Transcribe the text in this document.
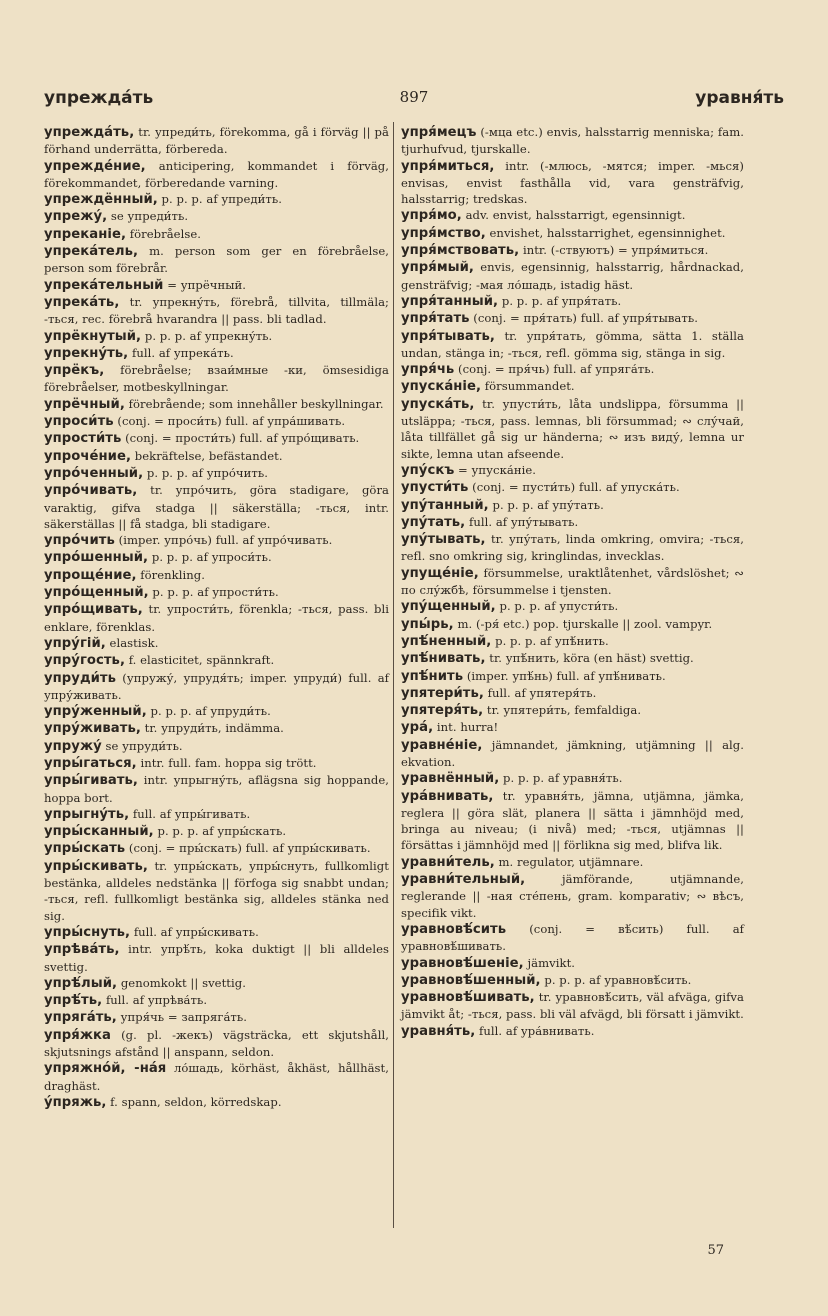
упреждáть	897	уравня́ть

упреждáть, tr. упреди́ть, förekomma, gå i förväg || på förhand underrätta, förbereda.

упрежде́ние, anticipering, kommandet i förväg, förekommandet, förberedande varning.

упреждённый, p. p. p. af упреди́ть.

упрежу́, se упреди́ть.

упреканіе, förebråelse.

упрека́тель, m. person som ger en förebråelse, person som förebrår.

упрека́тельный = упрёчный.

упрека́ть, tr. упрекну́ть, förebrå, tillvita, tillmäla; -ться, rec. förebrå hvarandra || pass. bli tadlad.

упрёкнутый, p. p. p. af упрекну́ть.

упрекну́ть, full. af упрека́ть.

упрёкъ, förebråelse; взаи́мные -ки, ömsesidiga förebråelser, motbeskyllningar.

упрёчный, förebrående; som innehåller beskyllningar.

упроси́ть (conj. = проси́ть) full. af упра́шивать.

упрости́ть (conj. = прости́ть) full. af упро́щивать.

упроче́ние, bekräftelse, befästandet.

упро́ченный, p. p. p. af упро́чить.

упро́чивать, tr. упро́чить, göra stadigare, göra varaktig, gifva stadga || säkerställa; -ться, intr. säkerställas || få stadga, bli stadigare.

упро́чить (imper. упро́чь) full. af упро́чивать.

упро́шенный, p. p. p. af упроси́ть.

упроще́ние, förenkling.

упро́щенный, p. p. p. af упрости́ть.

упро́щивать, tr. упрости́ть, förenkla; -ться, pass. bli enklare, förenklas.

упру́гій, elastisk.

упру́гость, f. elasticitet, spännkraft.

упруди́ть (упружу́, упрудя́ть; imper. упруди́) full. af упру́живать.

упру́женный, p. p. p. af упруди́ть.

упру́живать, tr. упруди́ть, indämma.

упружу́ se упруди́ть.

упры́гаться, intr. full. fam. hoppa sig trött.

упры́гивать, intr. упрыгну́ть, aflägsna sig hoppande, hoppa bort.

упрыгну́ть, full. af упры́гивать.

упры́сканный, p. p. p. af упры́скать.

упры́скать (conj. = пры́скать) full. af упры́скивать.

упры́скивать, tr. упры́скать, упры́снуть, fullkomligt bestänka, alldeles nedstänka || förfoga sig snabbt undan; -ться, refl. fullkomligt bestänka sig, alldeles stänka ned sig.

упры́снуть, full. af упры́скивать.

упрѣва́ть, intr. упрѣ́ть, koka duktigt || bli alldeles svettig.

упрѣ́лый, genomkokt || svettig.

упрѣ́ть, full. af упрѣва́ть.

упряга́ть, упря́чь = запряга́ть.

упря́жка (g. pl. -жекъ) vägsträcka, ett skjutshåll, skjutsnings afstånd || anspann, seldon.

упряжно́й, -на́я ло́шадь, körhäst, åkhäst, hållhäst, draghäst.

у́пряжь, f. spann, seldon, körredskap.

упря́мецъ (-мца etc.) envis, halsstarrig menniska; fam. tjurhufvud, tjurskalle.

упря́миться, intr. (-млюсь, -мятся; imper. -мься) envisas, envist fasthålla vid, vara gensträfvig, halsstarrig; tredskas.

упря́мо, adv. envist, halsstarrigt, egensinnigt.

упря́мство, envishet, halsstarrighet, egensinnighet.

упря́мствовать, intr. (-ствуютъ) = упря́миться.

упря́мый, envis, egensinnig, halsstarrig, hårdnackad, gensträfvig; -мая ло́шадь, istadig häst.

упря́танный, p. p. p. af упря́тать.

упря́тать (conj. = пря́тать) full. af упря́тывать.

упря́тывать, tr. упря́тать, gömma, sätta 1. ställa undan, stänga in; -ться, refl. gömma sig, stänga in sig.

упря́чь (conj. = пря́чь) full. af упряга́ть.

упуска́ніе, försummandet.

упуска́ть, tr. упусти́ть, låta undslippa, försumma || utsläppa; -ться, pass. lemnas, bli försummad; ∾ слу́чай, låta tillfället gå sig ur händerna; ∾ изъ виду́, lemna ur sikte, lemna utan afseende.

упу́скъ = упуска́ніе.

упусти́ть (conj. = пусти́ть) full. af упуска́ть.

упу́танный, p. p. p. af упу́тать.

упу́тать, full. af упу́тывать.

упу́тывать, tr. упу́тать, linda omkring, omvira; -ться, refl. sno omkring sig, kringlindas, invecklas.

упуще́ніе, försummelse, uraktlåtenhet, vårdslöshet; ∾ по слу́жбѣ, försummelse i tjensten.

упу́щенный, p. p. p. af упусти́ть.

упы́рь, m. (-ря́ etc.) pop. tjurskalle || zool. vampyr.

упѣ́ненный, p. p. p. af упѣ́нить.

упѣ́нивать, tr. упѣ́нить, köra (en häst) svettig.

упѣ́нить (imper. упѣ́нь) full. af упѣ́нивать.

упятери́ть, full. af упятеря́ть.

упятеря́ть, tr. упятери́ть, femfaldiga.

ура́, int. hurra!

уравне́ніе, jämnandet, jämkning, utjämning || alg. ekvation.

уравнённый, p. p. p. af уравня́ть.

ура́внивать, tr. уравня́ть, jämna, utjämna, jämka, reglera || göra slät, planera || sätta i jämnhöjd med, bringa au niveau; (i nivå) med; -ться, utjämnas || försättas i jämnhöjd med || förlikna sig med, blifva lik.

уравни́тель, m. regulator, utjämnare.

уравни́тельный, jämförande, utjämnande, reglerande || -ная сте́пень, gram. komparativ; ∾ вѣсъ, specifik vikt.

уравновѣ́сить (conj. = вѣ́сить) full. af уравновѣ́шивать.

уравновѣ́шеніе, jämvikt.

уравновѣ́шенный, p. p. p. af уравновѣ́сить.

уравновѣ́шивать, tr. уравновѣ́сить, väl afväga, gifva jämvikt åt; -ться, pass. bli väl afvägd, bli försatt i jämvikt.

уравня́ть, full. af ура́внивать.

57
